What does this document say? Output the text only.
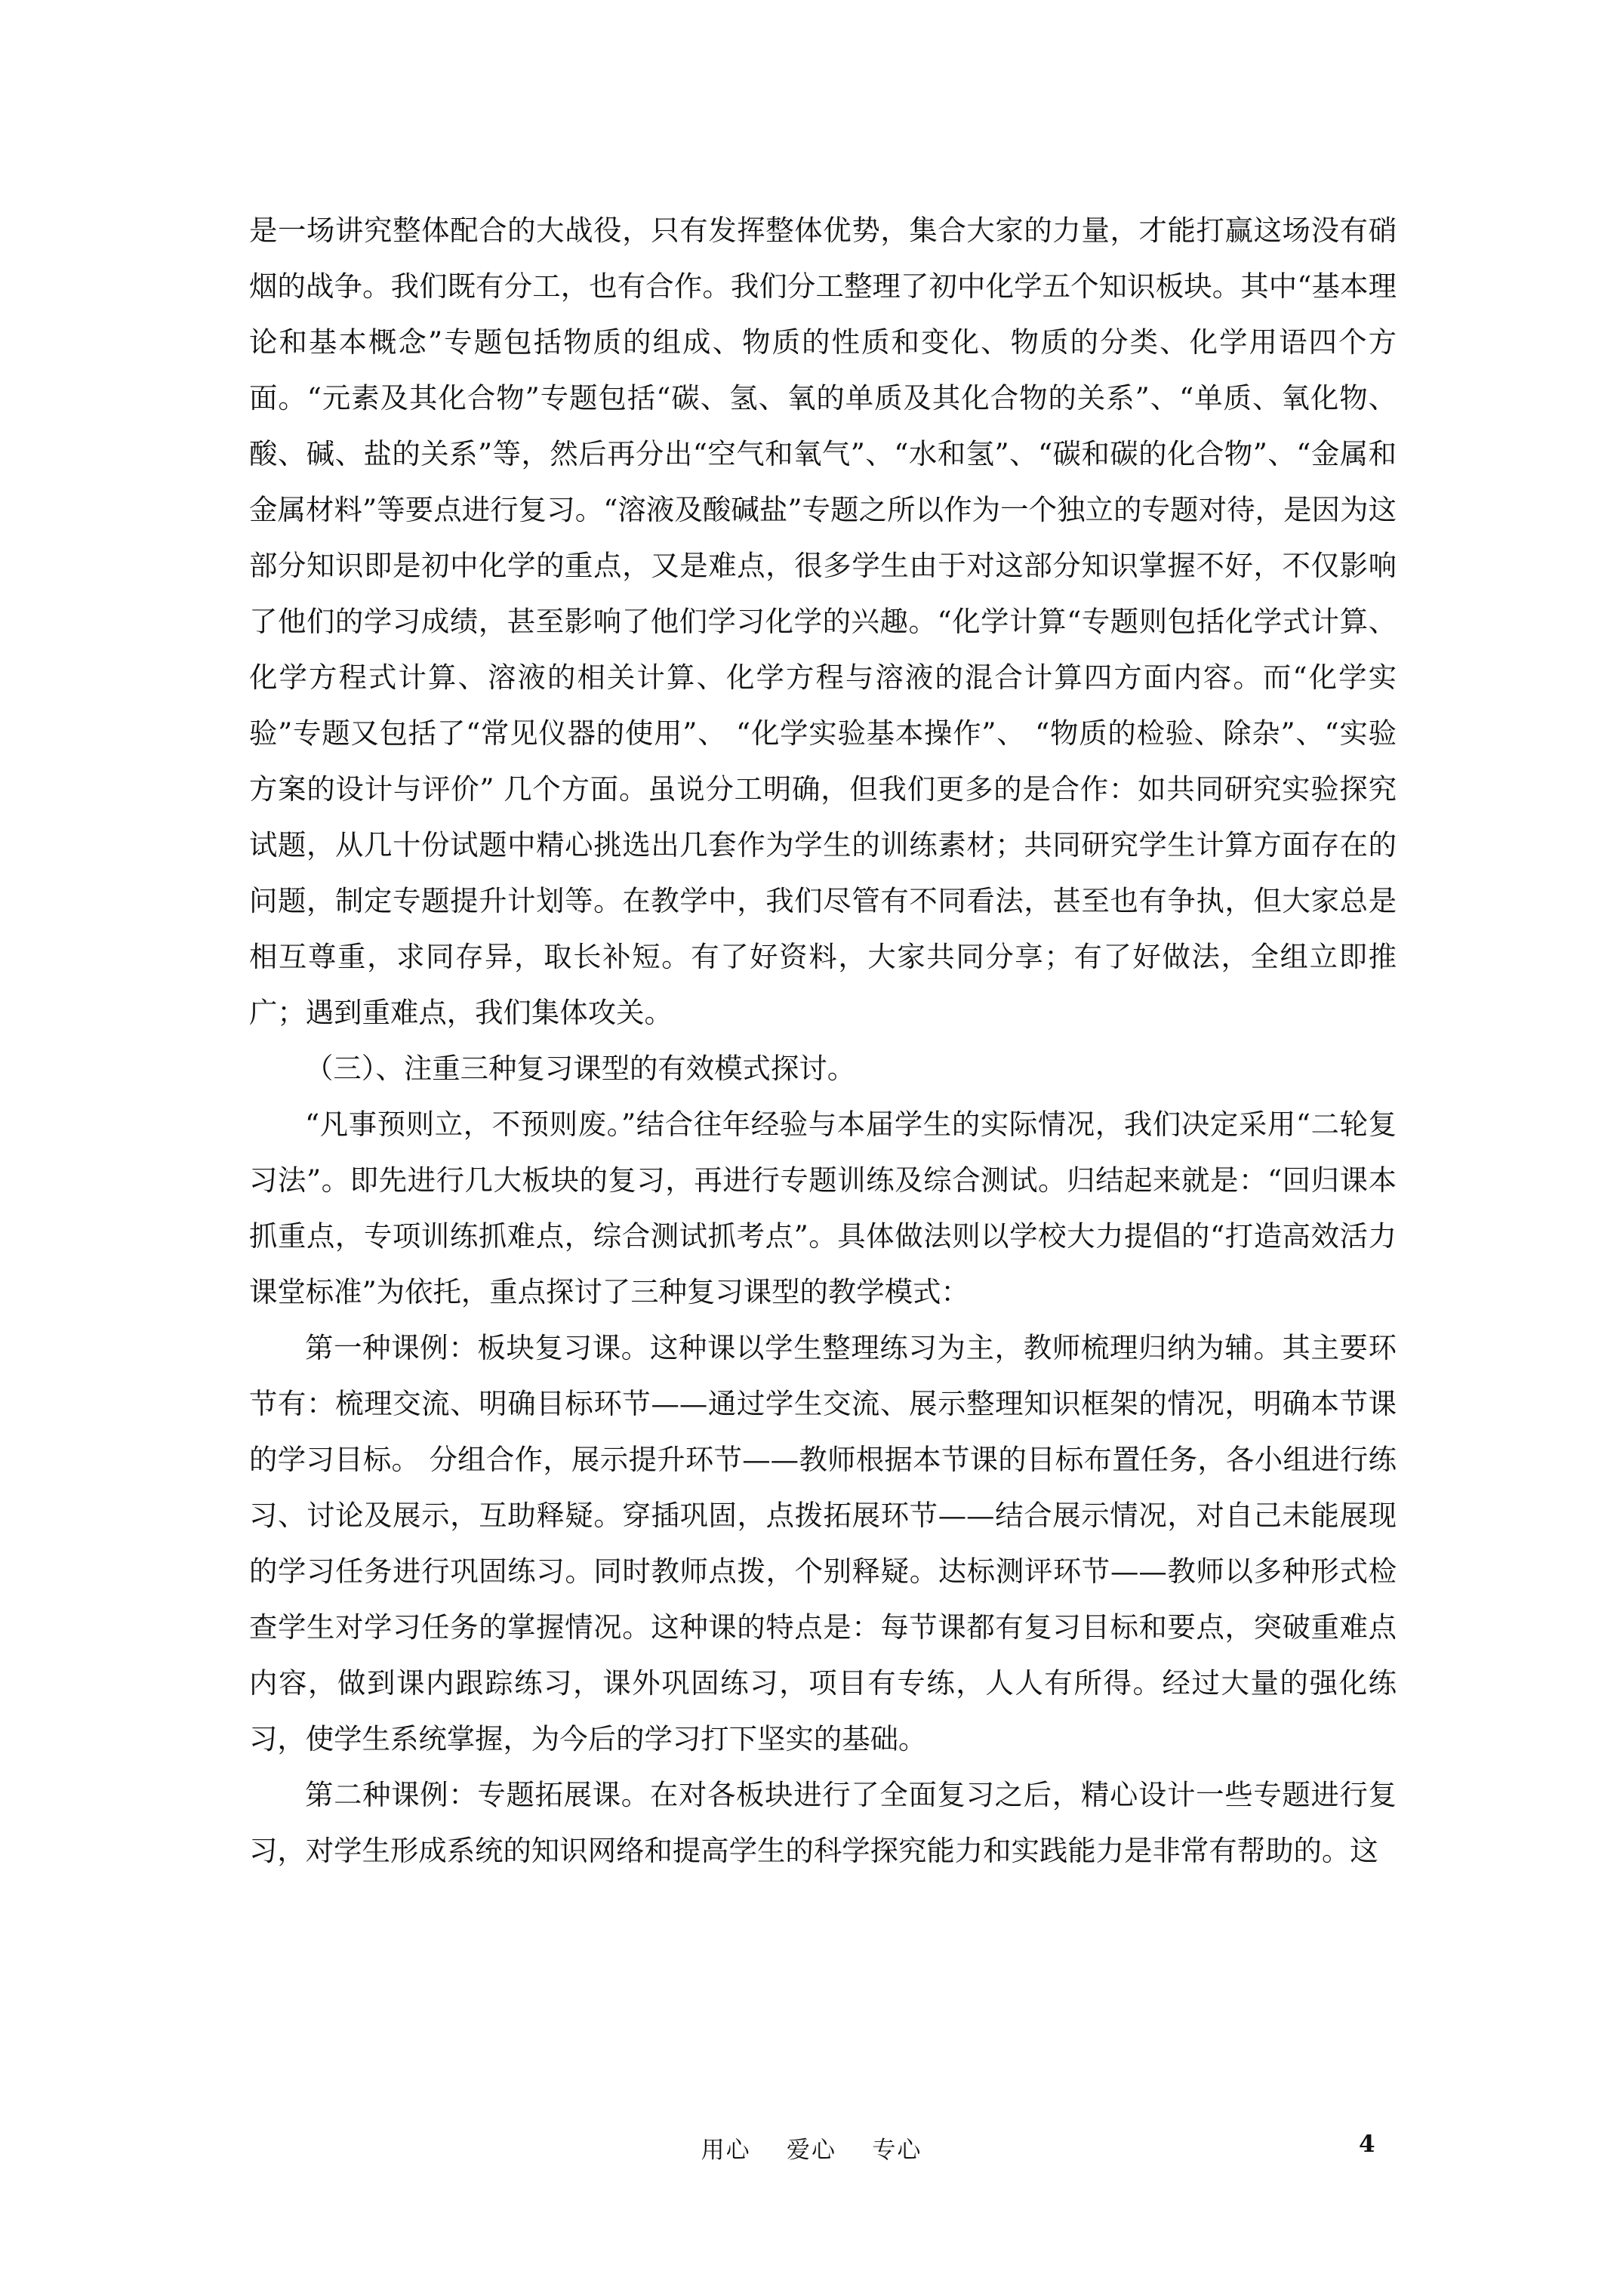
是一场讲究整体配合的大战役，只有发挥整体优势，集合大家的力量，才能打赢这场没有硝烟的战争。我们既有分工，也有合作。我们分工整理了初中化学五个知识板块。其中“基本理论和基本概念”专题包括物质的组成、物质的性质和变化、物质的分类、化学用语四个方面。“元素及其化合物”专题包括“碳、氢、氧的单质及其化合物的关系”、“单质、氧化物、酸、碱、盐的关系”等，然后再分出“空气和氧气”、“水和氢”、“碳和碳的化合物”、“金属和金属材料”等要点进行复习。“溶液及酸碱盐”专题之所以作为一个独立的专题对待，是因为这部分知识即是初中化学的重点，又是难点，很多学生由于对这部分知识掌握不好，不仅影响了他们的学习成绩，甚至影响了他们学习化学的兴趣。“化学计算“专题则包括化学式计算、化学方程式计算、溶液的相关计算、化学方程与溶液的混合计算四方面内容。而“化学实验”专题又包括了“常见仪器的使用”、 “化学实验基本操作”、 “物质的检验、除杂”、“实验方案的设计与评价” 几个方面。虽说分工明确，但我们更多的是合作：如共同研究实验探究试题，从几十份试题中精心挑选出几套作为学生的训练素材；共同研究学生计算方面存在的问题，制定专题提升计划等。在教学中，我们尽管有不同看法，甚至也有争执，但大家总是相互尊重，求同存异，取长补短。有了好资料，大家共同分享；有了好做法，全组立即推广；遇到重难点，我们集体攻关。

（三）、注重三种复习课型的有效模式探讨。

“凡事预则立，不预则废。”结合往年经验与本届学生的实际情况，我们决定采用“二轮复习法”。即先进行几大板块的复习，再进行专题训练及综合测试。归结起来就是：“回归课本抓重点，专项训练抓难点，综合测试抓考点”。具体做法则以学校大力提倡的“打造高效活力课堂标准”为依托，重点探讨了三种复习课型的教学模式：

第一种课例：板块复习课。这种课以学生整理练习为主，教师梳理归纳为辅。其主要环节有：梳理交流、明确目标环节——通过学生交流、展示整理知识框架的情况，明确本节课的学习目标。 分组合作，展示提升环节——教师根据本节课的目标布置任务，各小组进行练习、讨论及展示，互助释疑。穿插巩固，点拨拓展环节——结合展示情况，对自己未能展现的学习任务进行巩固练习。同时教师点拨，个别释疑。达标测评环节——教师以多种形式检查学生对学习任务的掌握情况。这种课的特点是：每节课都有复习目标和要点，突破重难点内容，做到课内跟踪练习，课外巩固练习，项目有专练，人人有所得。经过大量的强化练习，使学生系统掌握，为今后的学习打下坚实的基础。

第二种课例：专题拓展课。在对各板块进行了全面复习之后，精心设计一些专题进行复习，对学生形成系统的知识网络和提高学生的科学探究能力和实践能力是非常有帮助的。这

用心    爱心    专心	4
